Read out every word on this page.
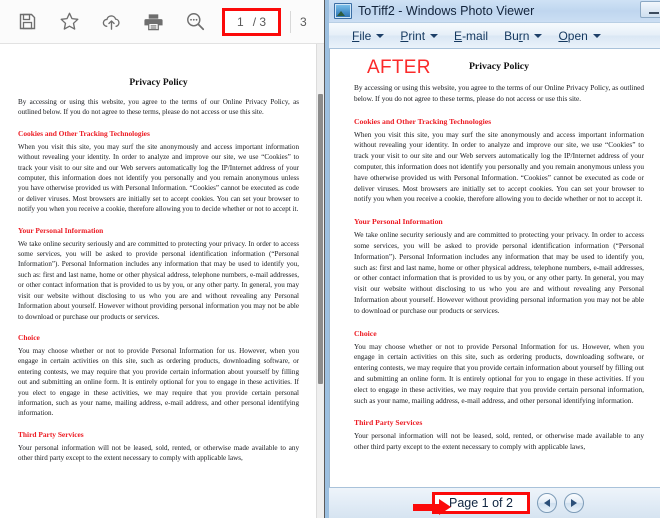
1 / 3	3
Privacy Policy
By accessing or using this website, you agree to the terms of our Online Privacy Policy, as outlined below. If you do not agree to these terms, please do not access or use this site.
Cookies and Other Tracking Technologies
When you visit this site, you may surf the site anonymously and access important information without revealing your identity. In order to analyze and improve our site, we use “Cookies” to track your visit to our site and our Web servers automatically log the IP/Internet address of your computer, this information does not identify you personally and you remain anonymous unless you have otherwise provided us with Personal Information. “Cookies” cannot be executed as code or deliver viruses. Most browsers are initially set to accept cookies. You can set your browser to notify you when you receive a cookie, therefore allowing you to decide whether or not to accept it.
Your Personal Information
We take online security seriously and are committed to protecting your privacy. In order to access some services, you will be asked to provide personal identification information (“Personal Information”). Personal Information includes any information that may be used to identify you, such as: first and last name, home or other physical address, telephone numbers, e-mail addresses, or other contact information that is provided to us by you, or any other party. In general, you may visit our website without disclosing to us who you are and without revealing any Personal Information about yourself. However without providing personal information you may not be able to download or purchase our products or services.
Choice
You may choose whether or not to provide Personal Information for us. However, when you engage in certain activities on this site, such as ordering products, downloading software, or entering contests, we may require that you provide certain information about yourself by filling out and submitting an online form. It is entirely optional for you to engage in these activities. If you elect to engage in these activities, we may require that you provide certain personal information, such as your name, mailing address, e-mail address, and other personal identifying information.
Third Party Services
Your personal information will not be leased, sold, rented, or otherwise made available to any other third party except to the extent necessary to comply with applicable laws,
ToTiff2 - Windows Photo Viewer
File Print E-mail Burn Open
AFTER	Privacy Policy
By accessing or using this website, you agree to the terms of our Online Privacy Policy, as outlined below. If you do not agree to these terms, please do not access or use this site.
Cookies and Other Tracking Technologies
When you visit this site, you may surf the site anonymously and access important information without revealing your identity. In order to analyze and improve our site, we use “Cookies” to track your visit to our site and our Web servers automatically log the IP/Internet address of your computer, this information does not identify you personally and you remain anonymous unless you have otherwise provided us with Personal Information. “Cookies” cannot be executed as code or deliver viruses. Most browsers are initially set to accept cookies. You can set your browser to notify you when you receive a cookie, therefore allowing you to decide whether or not to accept it.
Your Personal Information
We take online security seriously and are committed to protecting your privacy. In order to access some services, you will be asked to provide personal identification information (“Personal Information”). Personal Information includes any information that may be used to identify you, such as: first and last name, home or other physical address, telephone numbers, e-mail addresses, or other contact information that is provided to us by you, or any other party. In general, you may visit our website without disclosing to us who you are and without revealing any Personal Information about yourself. However without providing personal information you may not be able to download or purchase our products or services.
Choice
You may choose whether or not to provide Personal Information for us. However, when you engage in certain activities on this site, such as ordering products, downloading software, or entering contests, we may require that you provide certain information about yourself by filling out and submitting an online form. It is entirely optional for you to engage in these activities. If you elect to engage in these activities, we may require that you provide certain personal information, such as your name, mailing address, e-mail address, and other personal identifying information.
Third Party Services
Your personal information will not be leased, sold, rented, or otherwise made available to any other third party except to the extent necessary to comply with applicable laws,
Page 1 of 2
